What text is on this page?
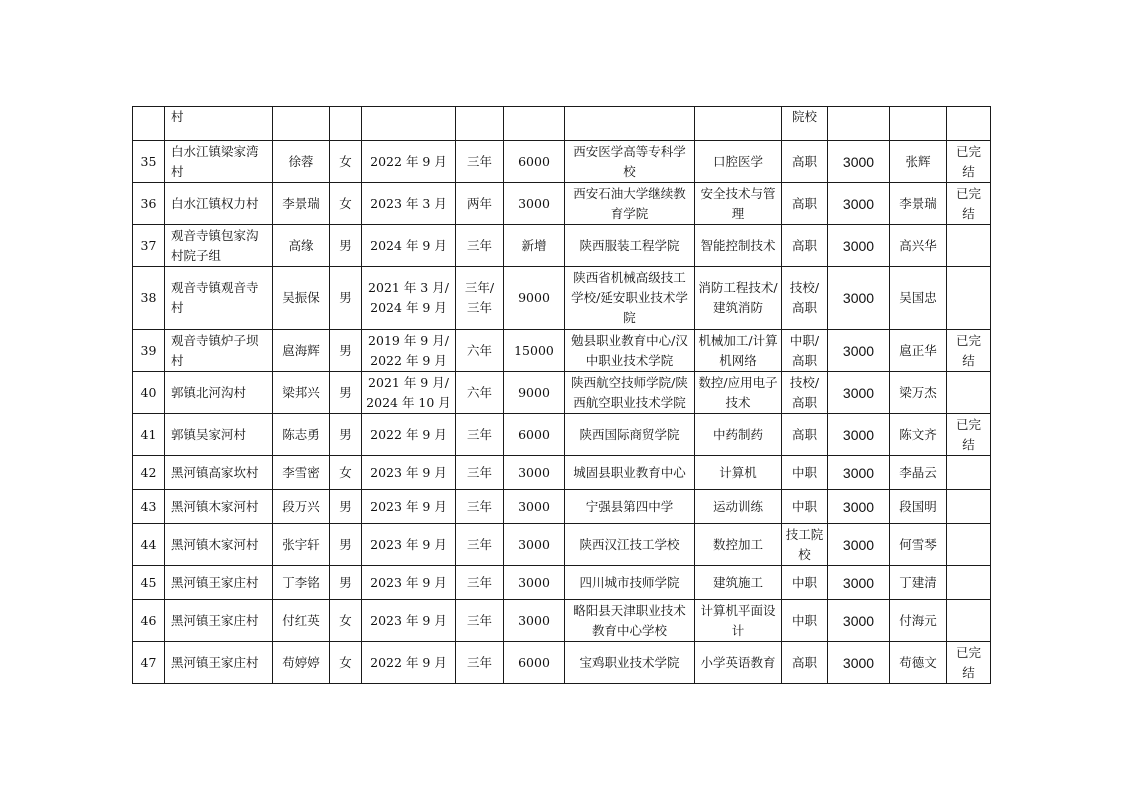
	村								院校			
35	白水江镇梁家湾村	徐蓉	女	2022 年 9 月	三年	6000	西安医学高等专科学校	口腔医学	高职	3000	张辉	已完结
36	白水江镇权力村	李景瑞	女	2023 年 3 月	两年	3000	西安石油大学继续教育学院	安全技术与管理	高职	3000	李景瑞	已完结
37	观音寺镇包家沟村院子组	高缘	男	2024 年 9 月	三年	新增	陕西服装工程学院	智能控制技术	高职	3000	高兴华	
38	观音寺镇观音寺村	吴振保	男	2021 年 3 月/2024 年 9 月	三年/三年	9000	陕西省机械高级技工学校/延安职业技术学院	消防工程技术/建筑消防	技校/高职	3000	吴国忠	
39	观音寺镇炉子坝村	扈海辉	男	2019 年 9 月/2022 年 9 月	六年	15000	勉县职业教育中心/汉中职业技术学院	机械加工/计算机网络	中职/高职	3000	扈正华	已完结
40	郭镇北河沟村	梁邦兴	男	2021 年 9 月/2024 年 10 月	六年	9000	陕西航空技师学院/陕西航空职业技术学院	数控/应用电子技术	技校/高职	3000	梁万杰	
41	郭镇吴家河村	陈志勇	男	2022 年 9 月	三年	6000	陕西国际商贸学院	中药制药	高职	3000	陈文齐	已完结
42	黑河镇高家坎村	李雪密	女	2023 年 9 月	三年	3000	城固县职业教育中心	计算机	中职	3000	李晶云	
43	黑河镇木家河村	段万兴	男	2023 年 9 月	三年	3000	宁强县第四中学	运动训练	中职	3000	段国明	
44	黑河镇木家河村	张宇轩	男	2023 年 9 月	三年	3000	陕西汉江技工学校	数控加工	技工院校	3000	何雪琴	
45	黑河镇王家庄村	丁李铭	男	2023 年 9 月	三年	3000	四川城市技师学院	建筑施工	中职	3000	丁建清	
46	黑河镇王家庄村	付红英	女	2023 年 9 月	三年	3000	略阳县天津职业技术教育中心学校	计算机平面设计	中职	3000	付海元	
47	黑河镇王家庄村	苟婷婷	女	2022 年 9 月	三年	6000	宝鸡职业技术学院	小学英语教育	高职	3000	苟德文	已完结
